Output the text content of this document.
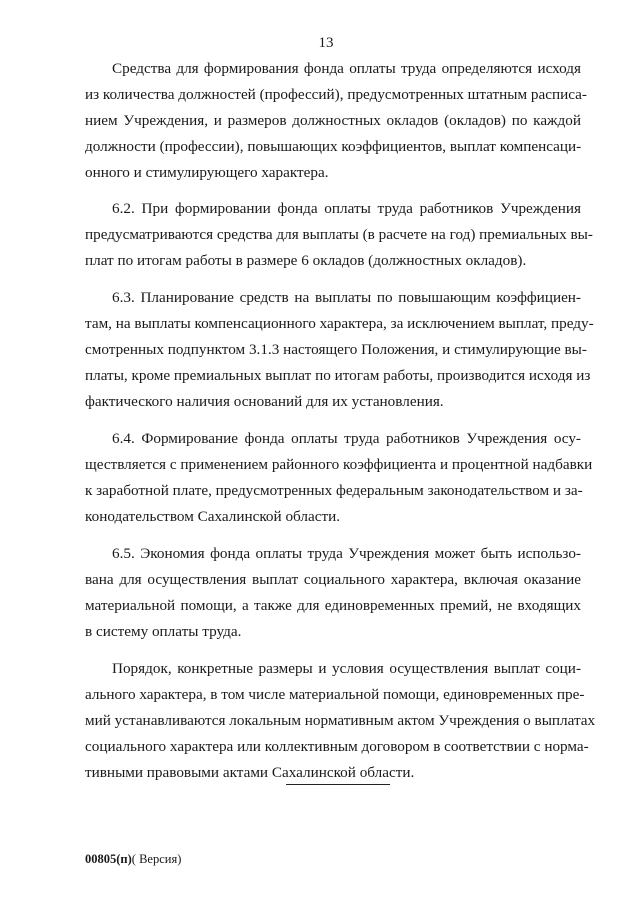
13
Средства для формирования фонда оплаты труда определяются исходя
из количества должностей (профессий), предусмотренных штатным расписа-
нием Учреждения, и размеров должностных окладов (окладов) по каждой
должности (профессии), повышающих коэффициентов, выплат компенсаци-
онного и стимулирующего характера.
6.2. При формировании фонда оплаты труда работников Учреждения
предусматриваются средства для выплаты (в расчете на год) премиальных вы-
плат по итогам работы в размере 6 окладов (должностных окладов).
6.3. Планирование средств на выплаты по повышающим коэффициен-
там, на выплаты компенсационного характера, за исключением выплат, преду-
смотренных подпунктом 3.1.3 настоящего Положения, и стимулирующие вы-
платы, кроме премиальных выплат по итогам работы, производится исходя из
фактического наличия оснований для их установления.
6.4. Формирование фонда оплаты труда работников Учреждения осу-
ществляется с применением районного коэффициента и процентной надбавки
к заработной плате, предусмотренных федеральным законодательством и за-
конодательством Сахалинской области.
6.5. Экономия фонда оплаты труда Учреждения может быть использо-
вана для осуществления выплат социального характера, включая оказание
материальной помощи, а также для единовременных премий, не входящих
в систему оплаты труда.
Порядок, конкретные размеры и условия осуществления выплат соци-
ального характера, в том числе материальной помощи, единовременных пре-
мий устанавливаются локальным нормативным актом Учреждения о выплатах
социального характера или коллективным договором в соответствии с норма-
тивными правовыми актами Сахалинской области.
00805(п)( Версия)
